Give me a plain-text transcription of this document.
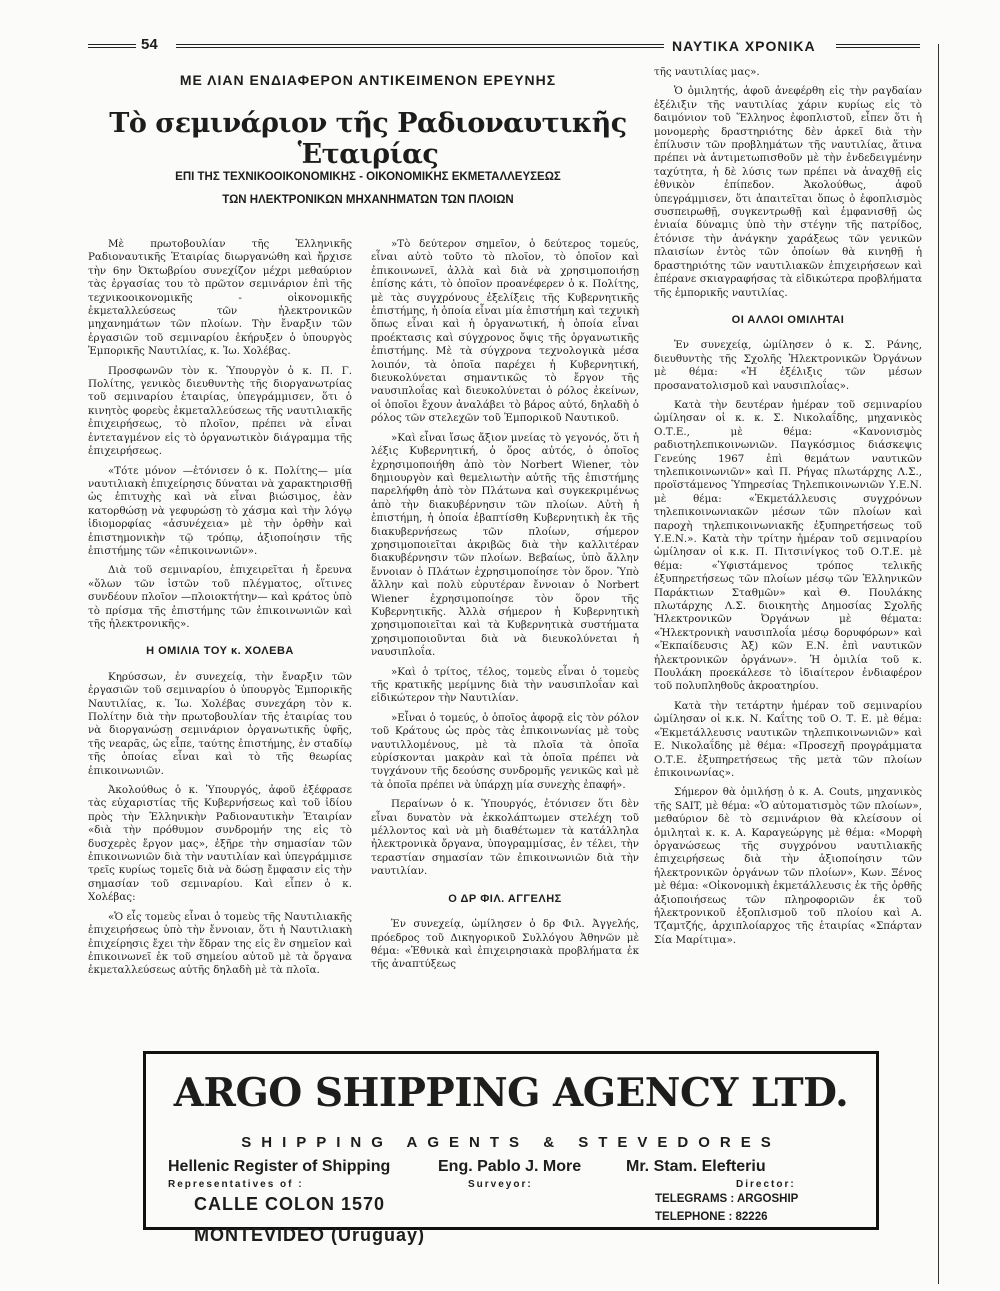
54	ΝΑΥΤΙΚΑ ΧΡΟΝΙΚΑ
ΜΕ ΛΙΑΝ ΕΝΔΙΑΦΕΡΟΝ ΑΝΤΙΚΕΙΜΕΝΟΝ ΕΡΕΥΝΗΣ
Τὸ σεμινάριον τῆς Ραδιοναυτικῆς Ἑταιρίας
ΕΠΙ ΤΗΣ ΤΕΧΝΙΚΟΟΙΚΟΝΟΜΙΚΗΣ - ΟΙΚΟΝΟΜΙΚΗΣ ΕΚΜΕΤΑΛΛΕΥΣΕΩΣ
ΤΩΝ ΗΛΕΚΤΡΟΝΙΚΩΝ ΜΗΧΑΝΗΜΑΤΩΝ ΤΩΝ ΠΛΟΙΩΝ

Μὲ πρωτοβουλίαν τῆς Ἑλληνικῆς Ραδιοναυτικῆς Ἑταιρίας διωργανώθη καὶ ἤρχισε τὴν 6ην Ὀκτωβρίου συνεχίζον μέχρι μεθαύριον τὰς ἐργασίας του τὸ πρῶτον σεμινάριον ἐπὶ τῆς τεχνικοοικονομικῆς - οἰκονομικῆς ἐκμεταλλεύσεως τῶν ἠλεκτρονικῶν μηχανημάτων τῶν πλοίων. Τὴν ἔναρξιν τῶν ἐργασιῶν τοῦ σεμιναρίου ἐκήρυξεν ὁ ὑπουργὸς Ἐμπορικῆς Ναυτιλίας, κ. Ἰω. Χολέβας.

Προσφωνῶν τὸν κ. Ὑπουργὸν ὁ κ. Π. Γ. Πολίτης, γενικὸς διευθυντὴς τῆς διοργανωτρίας τοῦ σεμιναρίου ἑταιρίας, ὑπεγράμμισεν, ὅτι ὁ κινητὸς φορεὺς ἐκμεταλλεύσεως τῆς ναυτιλιακῆς ἐπιχειρήσεως, τὸ πλοῖον, πρέπει νὰ εἶναι ἐντεταγμένον εἰς τὸ ὀργανωτικὸν διάγραμμα τῆς ἐπιχειρήσεως.

«Τότε μόνον —ἐτόνισεν ὁ κ. Πολίτης— μία ναυτιλιακὴ ἐπιχείρησις δύναται νὰ χαρακτηρισθῇ ὡς ἐπιτυχὴς καὶ νὰ εἶναι βιώσιμος, ἐὰν κατορθώσῃ νὰ γεφυρώσῃ τὸ χάσμα καὶ τὴν λόγῳ ἰδιομορφίας «ἀσυνέχεια» μὲ τὴν ὀρθὴν καὶ ἐπιστημονικὴν τῷ τρόπῳ, ἀξιοποίησιν τῆς ἐπιστήμης τῶν «ἐπικοινωνιῶν».

Διὰ τοῦ σεμιναρίου, ἐπιχειρεῖται ἡ ἔρευνα «ὅλων τῶν ἱστῶν τοῦ πλέγματος, οἵτινες συνδέουν πλοῖον —πλοιοκτήτην— καὶ κράτος ὑπὸ τὸ πρίσμα τῆς ἐπιστήμης τῶν ἐπικοινωνιῶν καὶ τῆς ἠλεκτρονικῆς».

Η ΟΜΙΛΙΑ ΤΟΥ κ. ΧΟΛΕΒΑ

Κηρύσσων, ἐν συνεχείᾳ, τὴν ἔναρξιν τῶν ἐργασιῶν τοῦ σεμιναρίου ὁ ὑπουργὸς Ἐμπορικῆς Ναυτιλίας, κ. Ἰω. Χολέβας συνεχάρη τὸν κ. Πολίτην διὰ τὴν πρωτοβουλίαν τῆς ἑταιρίας του νὰ διοργανώσῃ σεμινάριον ὀργανωτικῆς ὑφῆς, τῆς νεαρᾶς, ὡς εἶπε, ταύτης ἐπιστήμης, ἐν σταδίῳ τῆς ὁποίας εἶναι καὶ τὸ τῆς θεωρίας ἐπικοινωνιῶν.

Ἀκολούθως ὁ κ. Ὑπουργός, ἀφοῦ ἐξέφρασε τὰς εὐχαριστίας τῆς Κυβερνήσεως καὶ τοῦ ἰδίου πρὸς τὴν Ἑλληνικὴν Ραδιοναυτικὴν Ἑταιρίαν «διὰ τὴν πρόθυμον συνδρομήν της εἰς τὸ δυσχερὲς ἔργον μας», ἐξῆρε τὴν σημασίαν τῶν ἐπικοινωνιῶν διὰ τὴν ναυτιλίαν καὶ ὑπεγράμμισε τρεῖς κυρίως τομεῖς διὰ νὰ δώσῃ ἔμφασιν εἰς τὴν σημασίαν τοῦ σεμιναρίου. Καὶ εἶπεν ὁ κ. Χολέβας:

«Ὁ εἷς τομεὺς εἶναι ὁ τομεὺς τῆς Ναυτιλιακῆς ἐπιχειρήσεως ὑπὸ τὴν ἔννοιαν, ὅτι ἡ Ναυτιλιακὴ ἐπιχείρησις ἔχει τὴν ἕδραν της εἰς ἓν σημεῖον καὶ ἐπικοινωνεῖ ἐκ τοῦ σημείου αὐτοῦ μὲ τὰ ὄργανα ἐκμεταλλεύσεως αὐτῆς δηλαδὴ μὲ τὰ πλοῖα.

»Τὸ δεύτερον σημεῖον, ὁ δεύτερος τομεύς, εἶναι αὐτὸ τοῦτο τὸ πλοῖον, τὸ ὁποῖον καὶ ἐπικοινωνεῖ, ἀλλὰ καὶ διὰ νὰ χρησιμοποιήσῃ ἐπίσης κάτι, τὸ ὁποῖον προανέφερεν ὁ κ. Πολίτης, μὲ τὰς συγχρόνους ἐξελίξεις τῆς Κυβερνητικῆς ἐπιστήμης, ἡ ὁποία εἶναι μία ἐπιστήμη καὶ τεχνικὴ ὅπως εἶναι καὶ ἡ ὀργανωτική, ἡ ὁποία εἶναι προέκτασις καὶ σύγχρονος ὄψις τῆς ὀργανωτικῆς ἐπιστήμης. Μὲ τὰ σύγχρονα τεχνολογικὰ μέσα λοιπόν, τὰ ὁποῖα παρέχει ἡ Κυβερνητική, διευκολύνεται σημαντικῶς τὸ ἔργον τῆς ναυσιπλοΐας καὶ διευκολύνεται ὁ ρόλος ἐκείνων, οἱ ὁποῖοι ἔχουν ἀναλάβει τὸ βάρος αὐτό, δηλαδὴ ὁ ρόλος τῶν στελεχῶν τοῦ Ἐμπορικοῦ Ναυτικοῦ.

»Καὶ εἶναι ἴσως ἄξιον μνείας τὸ γεγονός, ὅτι ἡ λέξις Κυβερνητική, ὁ ὅρος αὐτός, ὁ ὁποῖος ἐχρησιμοποιήθη ἀπὸ τὸν Norbert Wiener, τὸν δημιουργὸν καὶ θεμελιωτὴν αὐτῆς τῆς ἐπιστήμης παρελήφθη ἀπὸ τὸν Πλάτωνα καὶ συγκεκριμένως ἀπὸ τὴν διακυβέρνησιν τῶν πλοίων. Αὐτὴ ἡ ἐπιστήμη, ἡ ὁποία ἐβαπτίσθη Κυβερνητικὴ ἐκ τῆς διακυβερνήσεως τῶν πλοίων, σήμερον χρησιμοποιεῖται ἀκριβῶς διὰ τὴν καλλιτέραν διακυβέρνησιν τῶν πλοίων. Βεβαίως, ὑπὸ ἄλλην ἔννοιαν ὁ Πλάτων ἐχρησιμοποίησε τὸν ὅρον. Ὑπὸ ἄλλην καὶ πολὺ εὐρυτέραν ἔννοιαν ὁ Norbert Wiener ἐχρησιμοποίησε τὸν ὅρον τῆς Κυβερνητικῆς. Ἀλλὰ σήμερον ἡ Κυβερνητικὴ χρησιμοποιεῖται καὶ τὰ Κυβερνητικὰ συστήματα χρησιμοποιοῦνται διὰ νὰ διευκολύνεται ἡ ναυσιπλοΐα.

»Καὶ ὁ τρίτος, τέλος, τομεὺς εἶναι ὁ τομεὺς τῆς κρατικῆς μερίμνης διὰ τὴν ναυσιπλοΐαν καὶ εἰδικώτερον τὴν Ναυτιλίαν.

»Εἶναι ὁ τομεύς, ὁ ὁποῖος ἀφορᾷ εἰς τὸν ρόλον τοῦ Κράτους ὡς πρὸς τὰς ἐπικοινωνίας μὲ τοὺς ναυτιλλομένους, μὲ τὰ πλοῖα τὰ ὁποῖα εὑρίσκονται μακρὰν καὶ τὰ ὁποῖα πρέπει νὰ τυγχάνουν τῆς δεούσης συνδρομῆς γενικῶς καὶ μὲ τὰ ὁποῖα πρέπει νὰ ὑπάρχῃ μία συνεχὴς ἐπαφή».

Περαίνων ὁ κ. Ὑπουργός, ἐτόνισεν ὅτι δὲν εἶναι δυνατὸν νὰ ἐκκολάπτωμεν στελέχη τοῦ μέλλοντος καὶ νὰ μὴ διαθέτωμεν τὰ κατάλληλα ἠλεκτρονικὰ ὄργανα, ὑπογραμμίσας, ἐν τέλει, τὴν τεραστίαν σημασίαν τῶν ἐπικοινωνιῶν διὰ τὴν ναυτιλίαν.

Ο ΔΡ ΦΙΛ. ΑΓΓΕΛΗΣ

Ἐν συνεχείᾳ, ὡμίλησεν ὁ δρ Φιλ. Ἀγγελής, πρόεδρος τοῦ Δικηγορικοῦ Συλλόγου Ἀθηνῶν μὲ θέμα: «Ἐθνικὰ καὶ ἐπιχειρησιακὰ προβλήματα ἐκ τῆς ἀναπτύξεως

τῆς ναυτιλίας μας».

Ὁ ὁμιλητής, ἀφοῦ ἀνεφέρθη εἰς τὴν ραγδαίαν ἐξέλιξιν τῆς ναυτιλίας χάριν κυρίως εἰς τὸ δαιμόνιον τοῦ Ἕλληνος ἐφοπλιστοῦ, εἶπεν ὅτι ἡ μονομερὴς δραστηριότης δὲν ἀρκεῖ διὰ τὴν ἐπίλυσιν τῶν προβλημάτων τῆς ναυτιλίας, ἅτινα πρέπει νὰ ἀντιμετωπισθοῦν μὲ τὴν ἐνδεδειγμένην ταχύτητα, ἡ δὲ λύσις των πρέπει νὰ ἀναχθῇ εἰς ἐθνικὸν ἐπίπεδον. Ἀκολούθως, ἀφοῦ ὑπεγράμμισεν, ὅτι ἀπαιτεῖται ὅπως ὁ ἐφοπλισμὸς συσπειρωθῇ, συγκεντρωθῇ καὶ ἐμφανισθῇ ὡς ἑνιαία δύναμις ὑπὸ τὴν στέγην τῆς πατρίδος, ἐτόνισε τὴν ἀνάγκην χαράξεως τῶν γενικῶν πλαισίων ἐντὸς τῶν ὁποίων θὰ κινηθῇ ἡ δραστηριότης τῶν ναυτιλιακῶν ἐπιχειρήσεων καὶ ἐπέρανε σκιαγραφήσας τὰ εἰδικώτερα προβλήματα τῆς ἐμπορικῆς ναυτιλίας.

ΟΙ ΑΛΛΟΙ ΟΜΙΛΗΤΑΙ

Ἐν συνεχείᾳ, ὡμίλησεν ὁ κ. Σ. Ράνης, διευθυντὴς τῆς Σχολῆς Ἠλεκτρονικῶν Ὀργάνων μὲ θέμα: «Ἡ ἐξέλιξις τῶν μέσων προσανατολισμοῦ καὶ ναυσιπλοΐας».

Κατὰ τὴν δευτέραν ἡμέραν τοῦ σεμιναρίου ὡμίλησαν οἱ κ. κ. Σ. Νικολαΐδης, μηχανικὸς Ο.Τ.Ε., μὲ θέμα: «Κανονισμὸς ραδιοτηλεπικοινωνιῶν. Παγκόσμιος διάσκεψις Γενεύης 1967 ἐπὶ θεμάτων ναυτικῶν τηλεπικοινωνιῶν» καὶ Π. Ρήγας πλωτάρχης Λ.Σ., προϊστάμενος Ὑπηρεσίας Τηλεπικοινωνιῶν Υ.Ε.Ν. μὲ θέμα: «Ἐκμετάλλευσις συγχρόνων τηλεπικοινωνιακῶν μέσων τῶν πλοίων καὶ παροχὴ τηλεπικοινωνιακῆς ἐξυπηρετήσεως τοῦ Υ.Ε.Ν.». Κατὰ τὴν τρίτην ἡμέραν τοῦ σεμιναρίου ὡμίλησαν οἱ κ.κ. Π. Πιτσινίγκος τοῦ Ο.Τ.Ε. μὲ θέμα: «Ὑφιστάμενος τρόπος τελικῆς ἐξυπηρετήσεως τῶν πλοίων μέσῳ τῶν Ἑλληνικῶν Παράκτιων Σταθμῶν» καὶ Θ. Πουλάκης πλωτάρχης Λ.Σ. διοικητὴς Δημοσίας Σχολῆς Ἠλεκτρονικῶν Ὀργάνων μὲ θέματα: «Ἠλεκτρονικὴ ναυσιπλοΐα μέσῳ δορυφόρων» καὶ «Ἐκπαίδευσις Ἀξ) κῶν Ε.Ν. ἐπὶ ναυτικῶν ἠλεκτρονικῶν ὀργάνων». Ἡ ὁμιλία τοῦ κ. Πουλάκη προεκάλεσε τὸ ἰδιαίτερον ἐνδιαφέρον τοῦ πολυπληθοῦς ἀκροατηρίου.

Κατὰ τὴν τετάρτην ἡμέραν τοῦ σεμιναρίου ὡμίλησαν οἱ κ.κ. Ν. Καΐτης τοῦ Ο. Τ. Ε. μὲ θέμα: «Ἐκμετάλλευσις ναυτικῶν τηλεπικοινωνιῶν» καὶ Ε. Νικολαΐδης μὲ θέμα: «Προσεχῆ προγράμματα Ο.Τ.Ε. ἐξυπηρετήσεως τῆς μετὰ τῶν πλοίων ἐπικοινωνίας».

Σήμερον θὰ ὁμιλήσῃ ὁ κ. A. Couts, μηχανικὸς τῆς SAIT, μὲ θέμα: «Ὁ αὐτοματισμὸς τῶν πλοίων», μεθαύριον δὲ τὸ σεμινάριον θὰ κλείσουν οἱ ὁμιληταὶ κ. κ. Α. Καραγεώργης μὲ θέμα: «Μορφὴ ὀργανώσεως τῆς συγχρόνου ναυτιλιακῆς ἐπιχειρήσεως διὰ τὴν ἀξιοποίησιν τῶν ἠλεκτρονικῶν ὀργάνων τῶν πλοίων», Κων. Ξένος μὲ θέμα: «Οἰκονομικὴ ἐκμετάλλευσις ἐκ τῆς ὀρθῆς ἀξιοποιήσεως τῶν πληροφοριῶν ἐκ τοῦ ἠλεκτρονικοῦ ἐξοπλισμοῦ τοῦ πλοίου καὶ Α. Τζαμτζής, ἀρχιπλοίαρχος τῆς ἑταιρίας «Σπάρταν Σία Μαρίτιμα».

ARGO SHIPPING AGENCY LTD.
SHIPPING AGENTS & STEVEDORES
Hellenic Register of Shipping
Representatives of :
Eng. Pablo J. More
Surveyor:
Mr. Stam. Elefteriu
Director:
CALLE COLON 1570
MONTEVIDEO (Uruguay)
TELEGRAMS : ARGOSHIP
TELEPHONE : 82226
